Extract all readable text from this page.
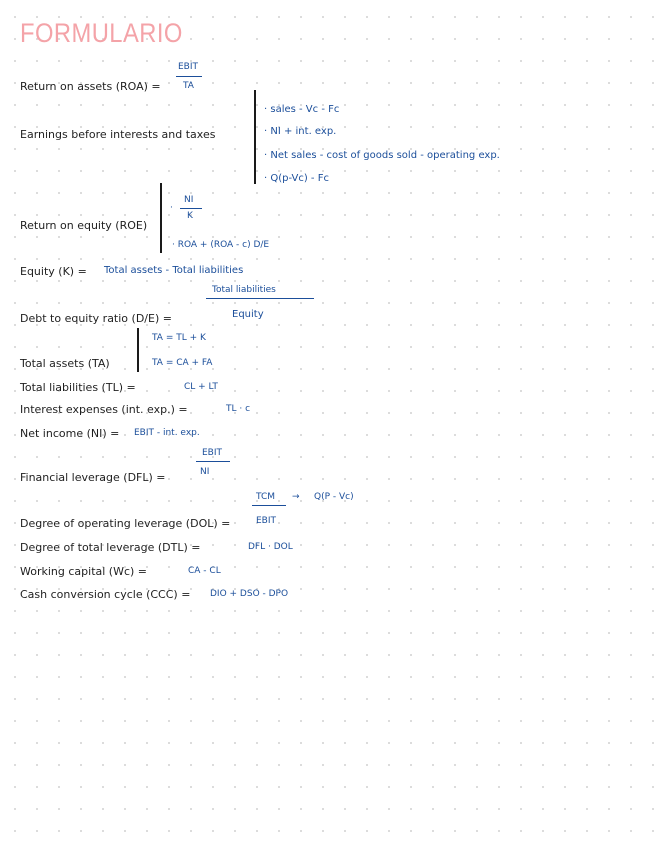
FORMULARIO
Return on assets (ROA) =
EBIT
TA
Earnings before interests and taxes
· sales - Vc - Fc
· NI + int. exp.
· Net sales - cost of goods sold - operating exp.
· Q(p-Vc) - Fc
Return on equity (ROE)
·
NI
K
· ROA + (ROA - c) D/E
Equity (K) = Total assets - Total liabilities
Total liabilities
Debt to equity ratio (D/E) =	Equity
TA = TL + K
Total assets (TA)	TA = CA + FA
Total liabilities (TL) =	CL + LT
Interest expenses (int. exp.) =	TL · c
Net income (NI) = EBIT - int. exp.
EBIT
Financial leverage (DFL) =	NI
TCM → Q(P - Vc)
Degree of operating leverage (DOL) =	EBIT
Degree of total leverage (DTL) =	DFL · DOL
Working capital (Wc) =	CA - CL
Cash conversion cycle (CCC) = DIO + DSO - DPO
